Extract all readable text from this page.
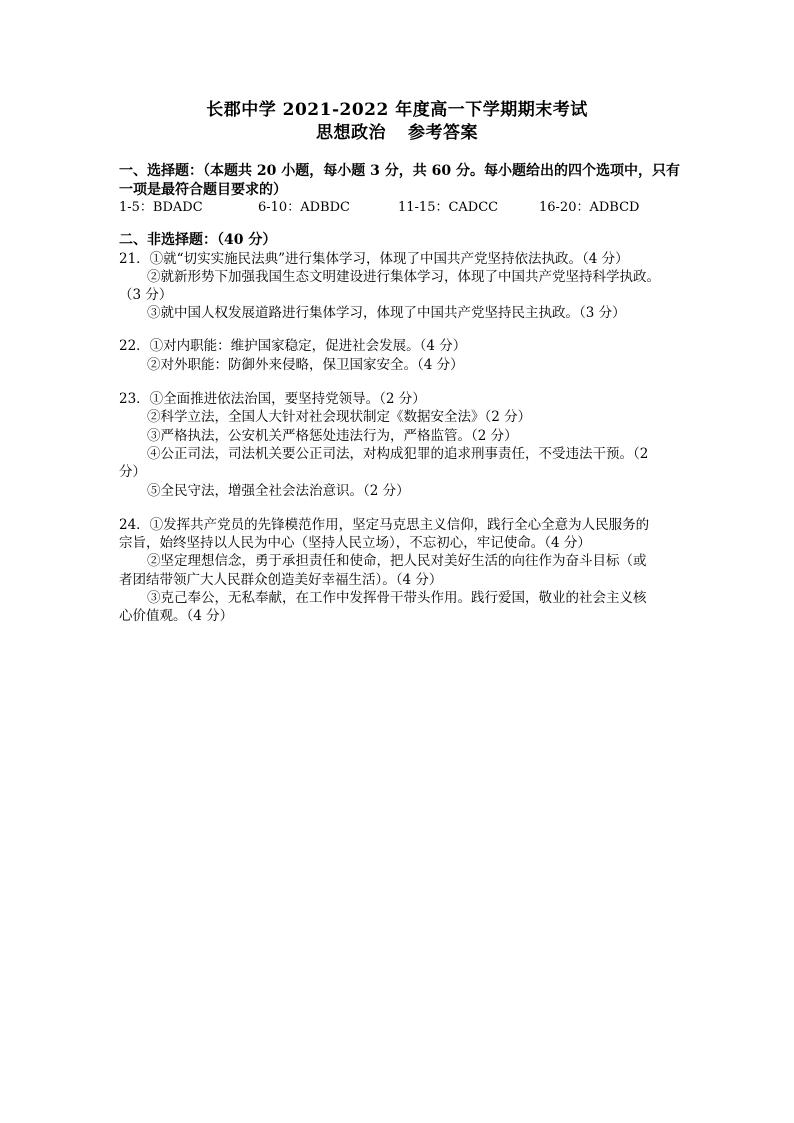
长郡中学 2021-2022 年度高一下学期期末考试
思想政治 参考答案
一、选择题：（本题共 20 小题，每小题 3 分，共 60 分。每小题给出的四个选项中，只有
一项是最符合题目要求的）
1-5：BDADC	6-10：ADBDC	11-15：CADCC	16-20：ADBCD
二、非选择题：（40 分）
21．①就“切实实施民法典”进行集体学习，体现了中国共产党坚持依法执政。（4 分）
②就新形势下加强我国生态文明建设进行集体学习，体现了中国共产党坚持科学执政。
（3 分）
③就中国人权发展道路进行集体学习，体现了中国共产党坚持民主执政。（3 分）
22．①对内职能：维护国家稳定，促进社会发展。（4 分）
②对外职能：防御外来侵略，保卫国家安全。（4 分）
23．①全面推进依法治国，要坚持党领导。（2 分）
②科学立法，全国人大针对社会现状制定《数据安全法》（2 分）
③严格执法，公安机关严格惩处违法行为，严格监管。（2 分）
④公正司法，司法机关要公正司法，对构成犯罪的追求刑事责任，不受违法干预。（2
分）
⑤全民守法，增强全社会法治意识。（2 分）
24．①发挥共产党员的先锋模范作用，坚定马克思主义信仰，践行全心全意为人民服务的
宗旨，始终坚持以人民为中心（坚持人民立场），不忘初心，牢记使命。（4 分）
②坚定理想信念，勇于承担责任和使命，把人民对美好生活的向往作为奋斗目标（或
者团结带领广大人民群众创造美好幸福生活）。（4 分）
③克己奉公，无私奉献，在工作中发挥骨干带头作用。践行爱国，敬业的社会主义核
心价值观。（4 分）
